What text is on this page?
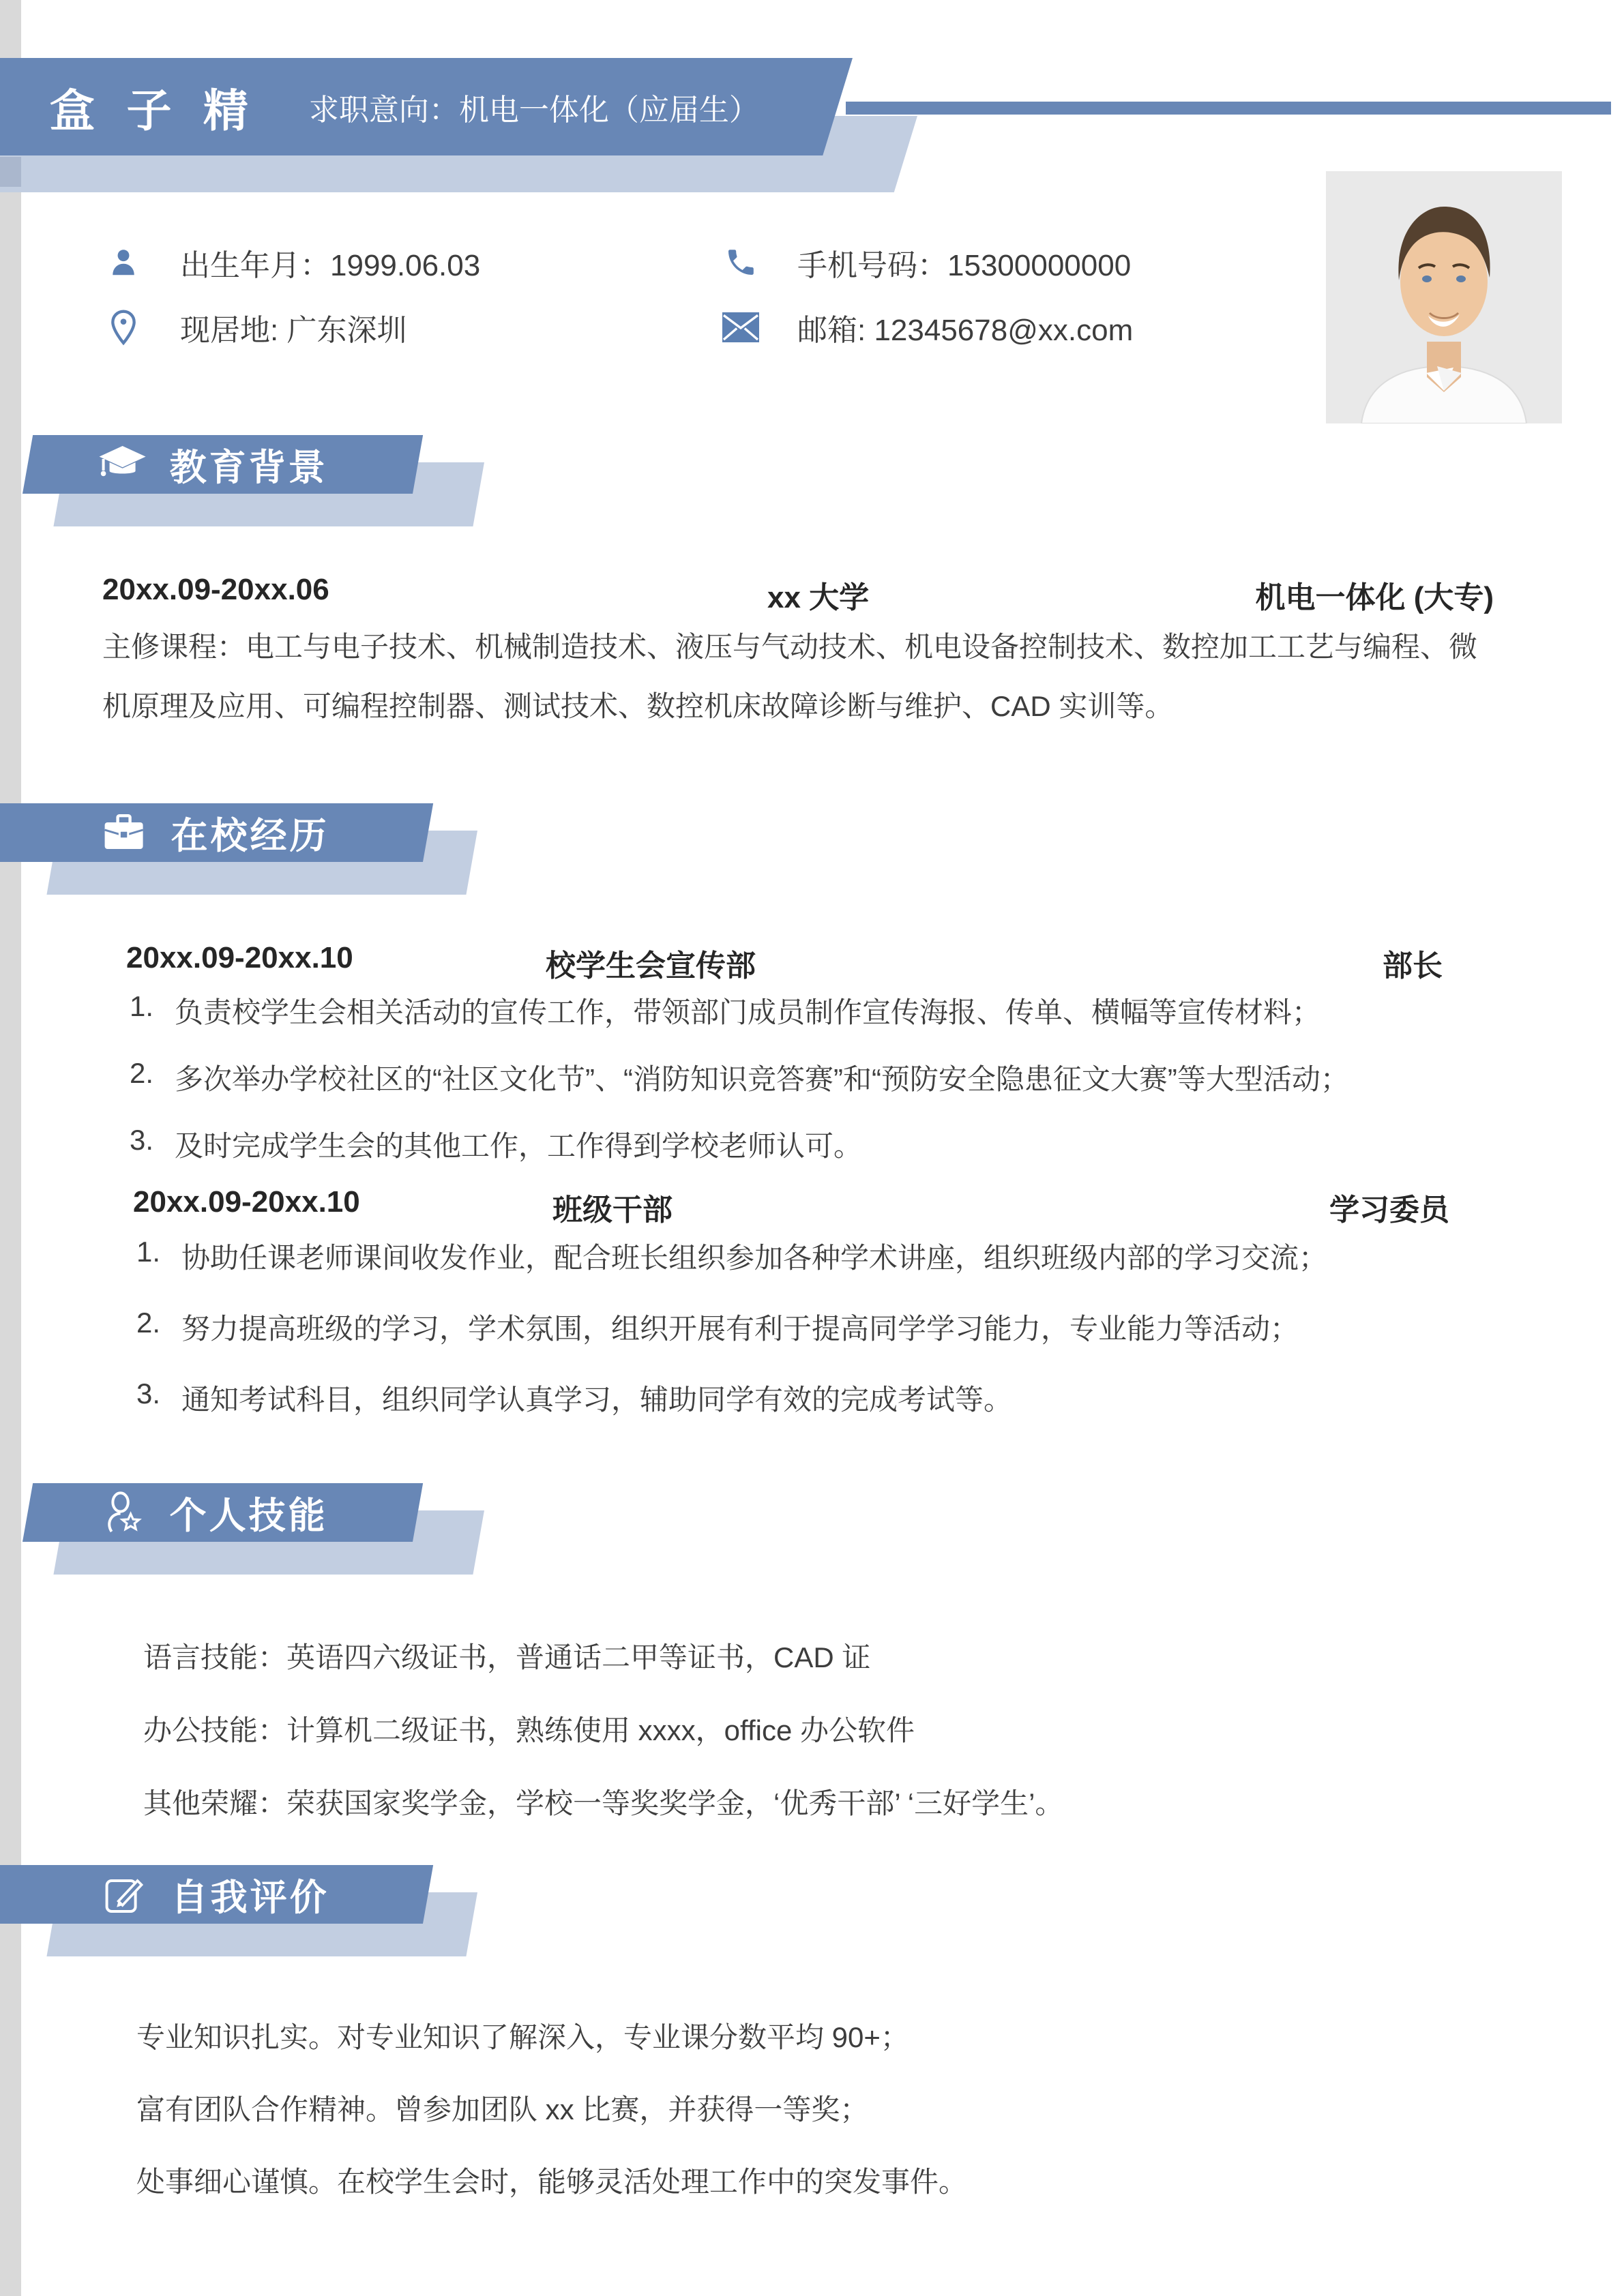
盒 子 精 求职意向：机电一体化（应届生）
出生年月：1999.06.03
现居地: 广东深圳
手机号码：15300000000
邮箱: 12345678@xx.com
教育背景
20xx.09-20xx.06	xx 大学	机电一体化 (大专)
主修课程：电工与电子技术、机械制造技术、液压与气动技术、机电设备控制技术、数控加工工艺与编程、微机原理及应用、可编程控制器、测试技术、数控机床故障诊断与维护、CAD 实训等。
在校经历
20xx.09-20xx.10	校学生会宣传部	部长
1. 负责校学生会相关活动的宣传工作，带领部门成员制作宣传海报、传单、横幅等宣传材料；
2. 多次举办学校社区的“社区文化节”、“消防知识竞答赛”和“预防安全隐患征文大赛”等大型活动；
3. 及时完成学生会的其他工作，工作得到学校老师认可。
20xx.09-20xx.10	班级干部	学习委员
1. 协助任课老师课间收发作业，配合班长组织参加各种学术讲座，组织班级内部的学习交流；
2. 努力提高班级的学习，学术氛围，组织开展有利于提高同学学习能力，专业能力等活动；
3. 通知考试科目，组织同学认真学习，辅助同学有效的完成考试等。
个人技能
语言技能：英语四六级证书，普通话二甲等证书，CAD 证
办公技能：计算机二级证书，熟练使用 xxxx，office 办公软件
其他荣耀：荣获国家奖学金，学校一等奖奖学金，‘优秀干部’ ‘三好学生’。
自我评价
专业知识扎实。对专业知识了解深入，专业课分数平均 90+；
富有团队合作精神。曾参加团队 xx 比赛，并获得一等奖；
处事细心谨慎。在校学生会时，能够灵活处理工作中的突发事件。
